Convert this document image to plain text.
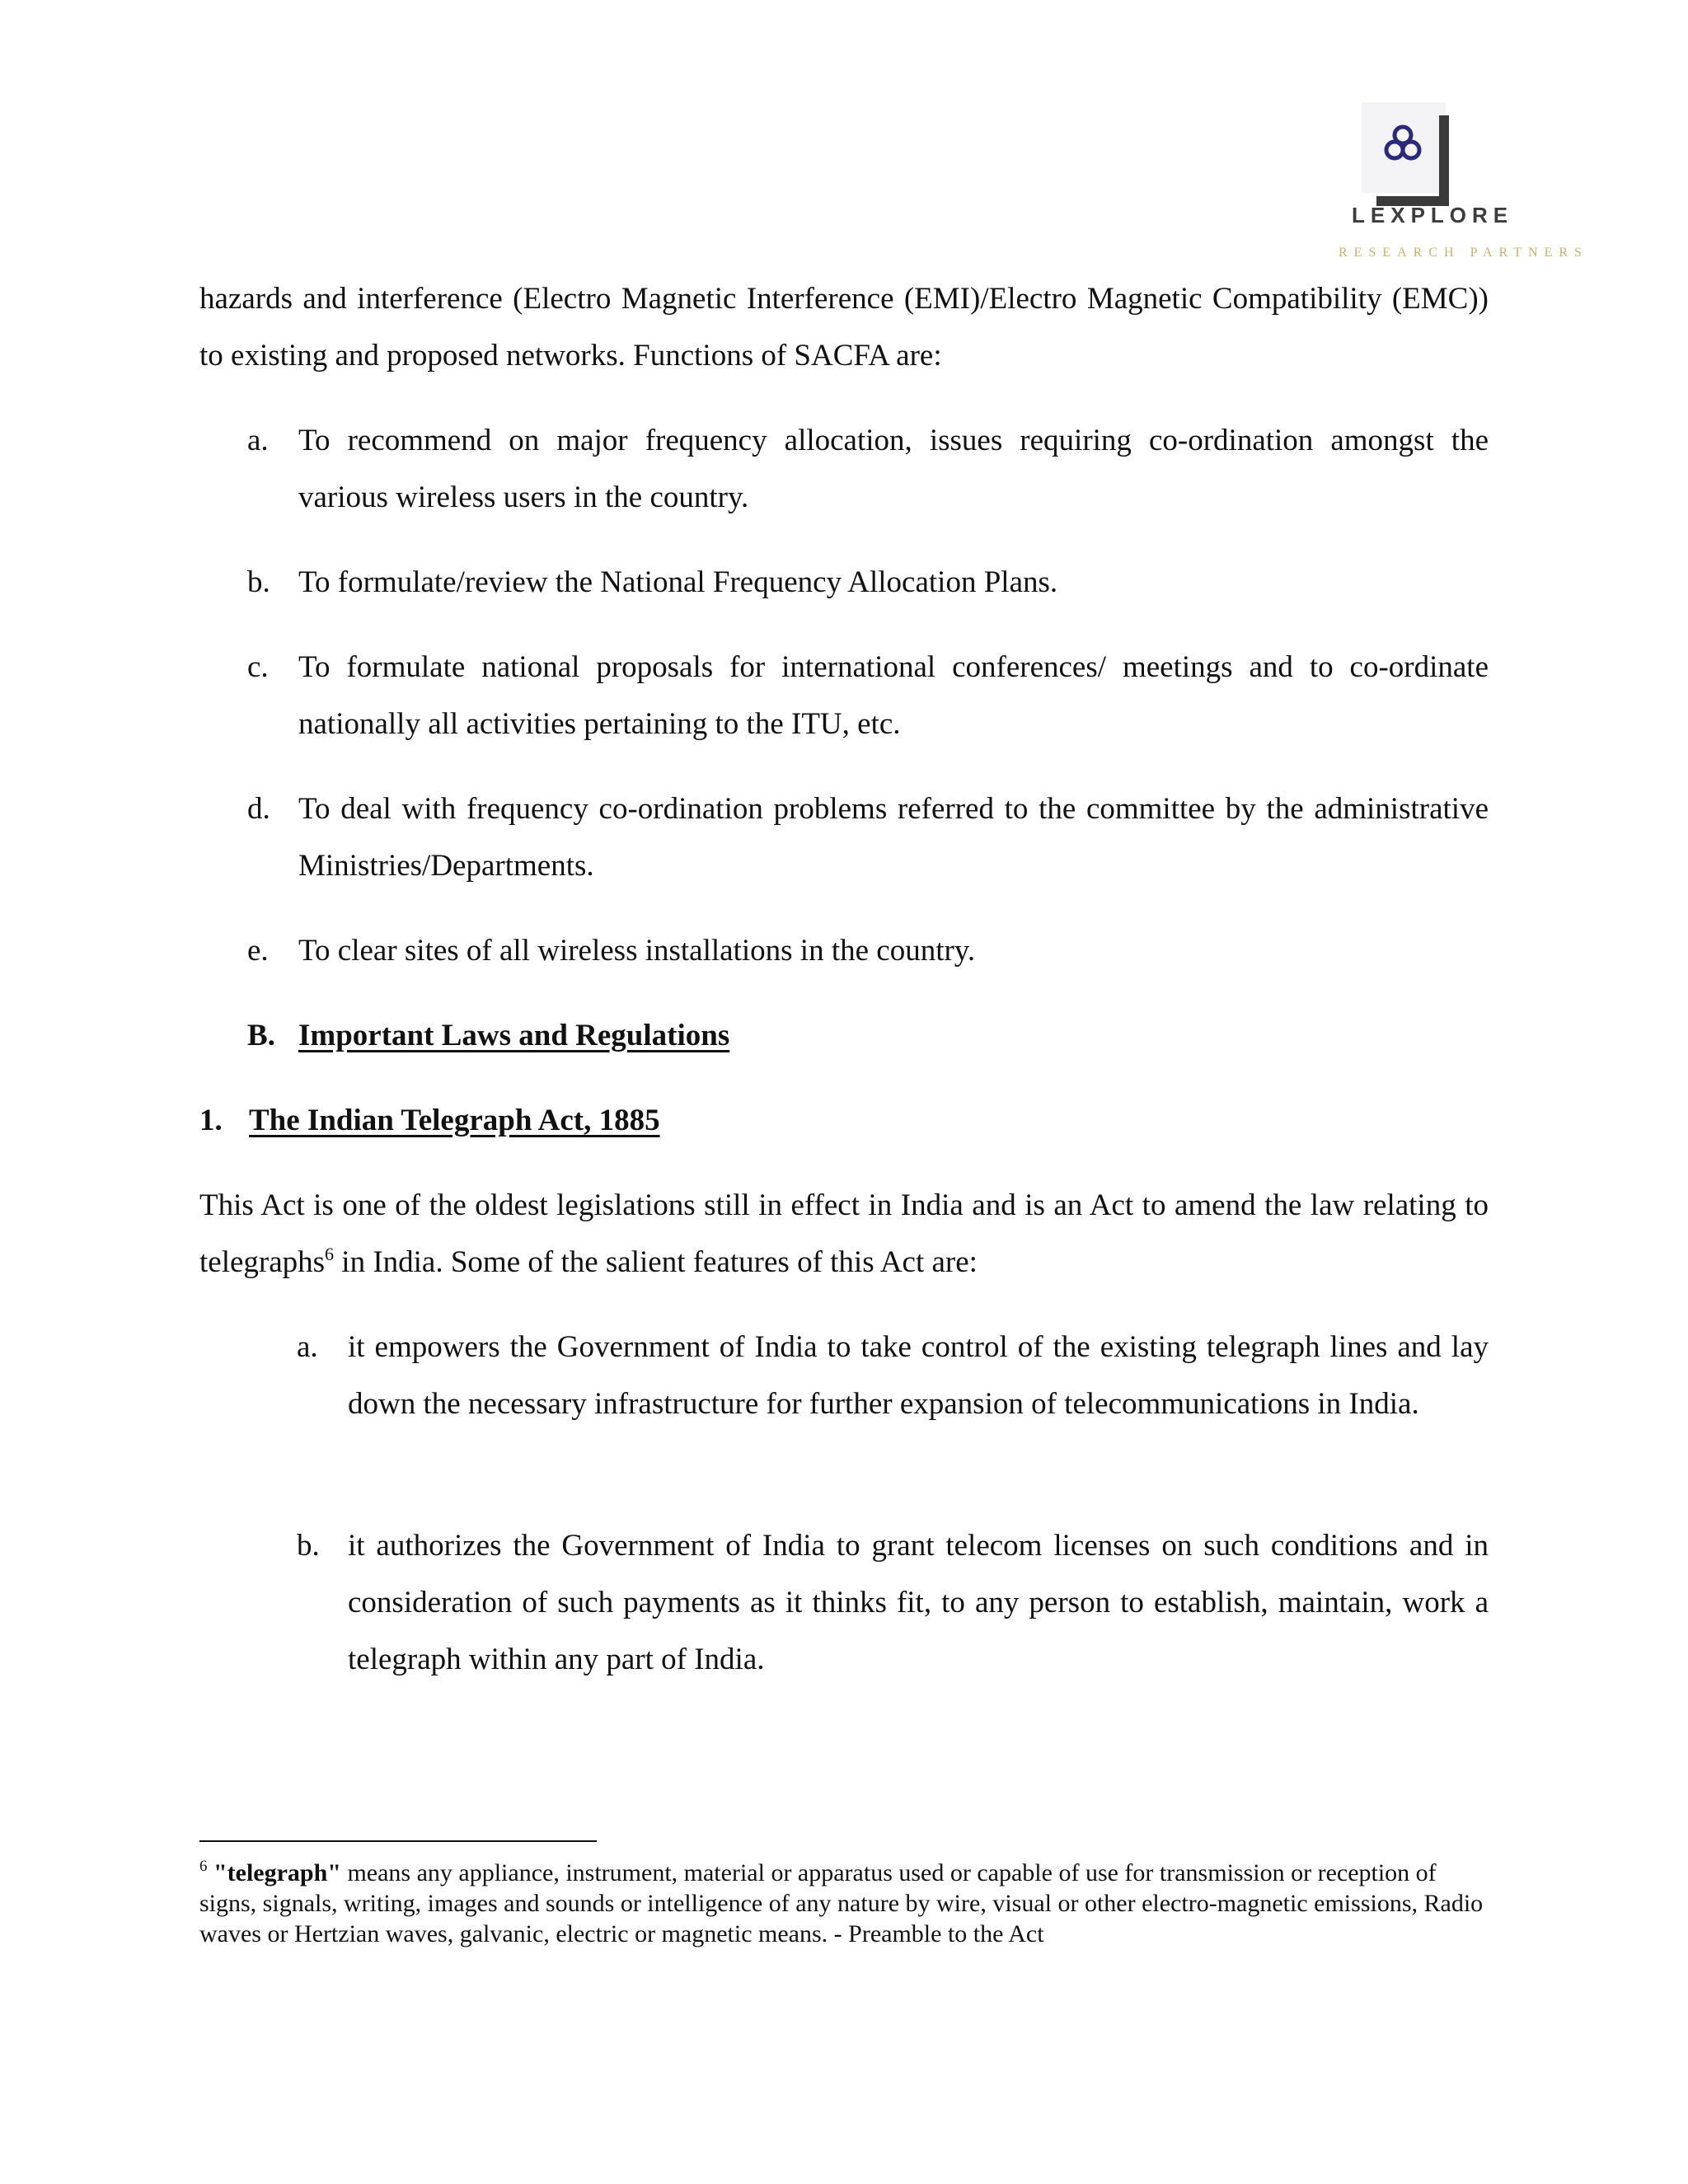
LEXPLORE
RESEARCH PARTNERS

hazards and interference (Electro Magnetic Interference (EMI)/Electro Magnetic Compatibility (EMC)) to existing and proposed networks. Functions of SACFA are:

a. To recommend on major frequency allocation, issues requiring co-ordination amongst the various wireless users in the country.
b. To formulate/review the National Frequency Allocation Plans.
c. To formulate national proposals for international conferences/ meetings and to co-ordinate nationally all activities pertaining to the ITU, etc.
d. To deal with frequency co-ordination problems referred to the committee by the administrative Ministries/Departments.
e. To clear sites of all wireless installations in the country.
B. Important Laws and Regulations
1. The Indian Telegraph Act, 1885

This Act is one of the oldest legislations still in effect in India and is an Act to amend the law relating to telegraphs$^6$ in India. Some of the salient features of this Act are:

a. it empowers the Government of India to take control of the existing telegraph lines and lay down the necessary infrastructure for further expansion of telecommunications in India.
b. it authorizes the Government of India to grant telecom licenses on such conditions and in consideration of such payments as it thinks fit, to any person to establish, maintain, work a telegraph within any part of India.

$^6$ "telegraph" means any appliance, instrument, material or apparatus used or capable of use for transmission or reception of signs, signals, writing, images and sounds or intelligence of any nature by wire, visual or other electro-magnetic emissions, Radio waves or Hertzian waves, galvanic, electric or magnetic means. - Preamble to the Act
